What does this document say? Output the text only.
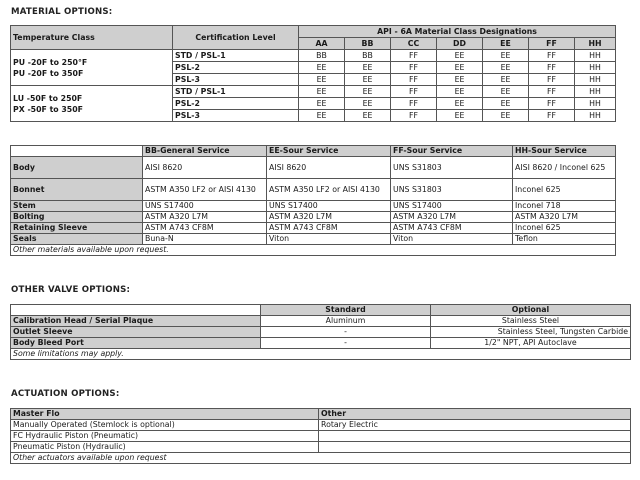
MATERIAL OPTIONS:
Temperature Class	Certification Level	API - 6A Material Class Designations						
		AA	BB	CC	DD	EE	FF	HH

PU -20F to 250°F
PU -20F to 350F	STD / PSL-1	BB	BB	FF	EE	EE	FF	HH
	PSL-2	EE	EE	FF	EE	EE	FF	HH
	PSL-3	EE	EE	FF	EE	EE	FF	HH

LU -50F to 250F
PX -50F to 350F	STD / PSL-1	EE	EE	FF	EE	EE	FF	HH
	PSL-2	EE	EE	FF	EE	EE	FF	HH
	PSL-3	EE	EE	FF	EE	EE	FF	HH
	BB-General Service	EE-Sour Service	FF-Sour Service	HH-Sour Service
Body	AISI 8620	AISI 8620	UNS S31803	AISI 8620 / Inconel 625
Bonnet	ASTM A350 LF2 or AISI 4130	ASTM A350 LF2 or AISI 4130	UNS S31803	Inconel 625
Stem	UNS S17400	UNS S17400	UNS S17400	Inconel 718
Bolting	ASTM A320 L7M	ASTM A320 L7M	ASTM A320 L7M	ASTM A320 L7M
Retaining Sleeve	ASTM A743 CF8M	ASTM A743 CF8M	ASTM A743 CF8M	Inconel 625
Seals	Buna-N	Viton	Viton	Teflon
Other materials available upon request.				
OTHER VALVE OPTIONS:
	Standard	Optional
Calibration Head / Serial Plaque	Aluminum	Stainless Steel
Outlet Sleeve	-	Stainless Steel, Tungsten Carbide
Body Bleed Port	-	1/2" NPT, API Autoclave
Some limitations may apply.		
ACTUATION OPTIONS:
Master Flo	Other
Manually Operated (Stemlock is optional)	Rotary Electric
FC Hydraulic Piston (Pneumatic)	
Pneumatic Piston (Hydraulic)	
Other actuators available upon request	
